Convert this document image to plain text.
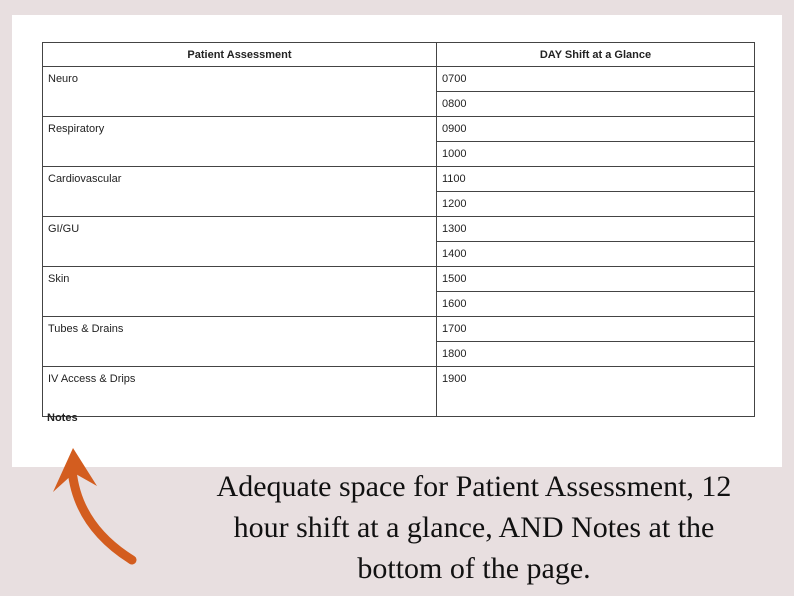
Patient Assessment	DAY Shift at a Glance
Neuro	0700
	0800
Respiratory	0900
	1000
Cardiovascular	1100
	1200
GI/GU	1300
	1400
Skin	1500
	1600
Tubes & Drains	1700
	1800
IV Access & Drips	1900
Notes
Adequate space for Patient Assessment, 12
hour shift at a glance, AND Notes at the
bottom of the page.
